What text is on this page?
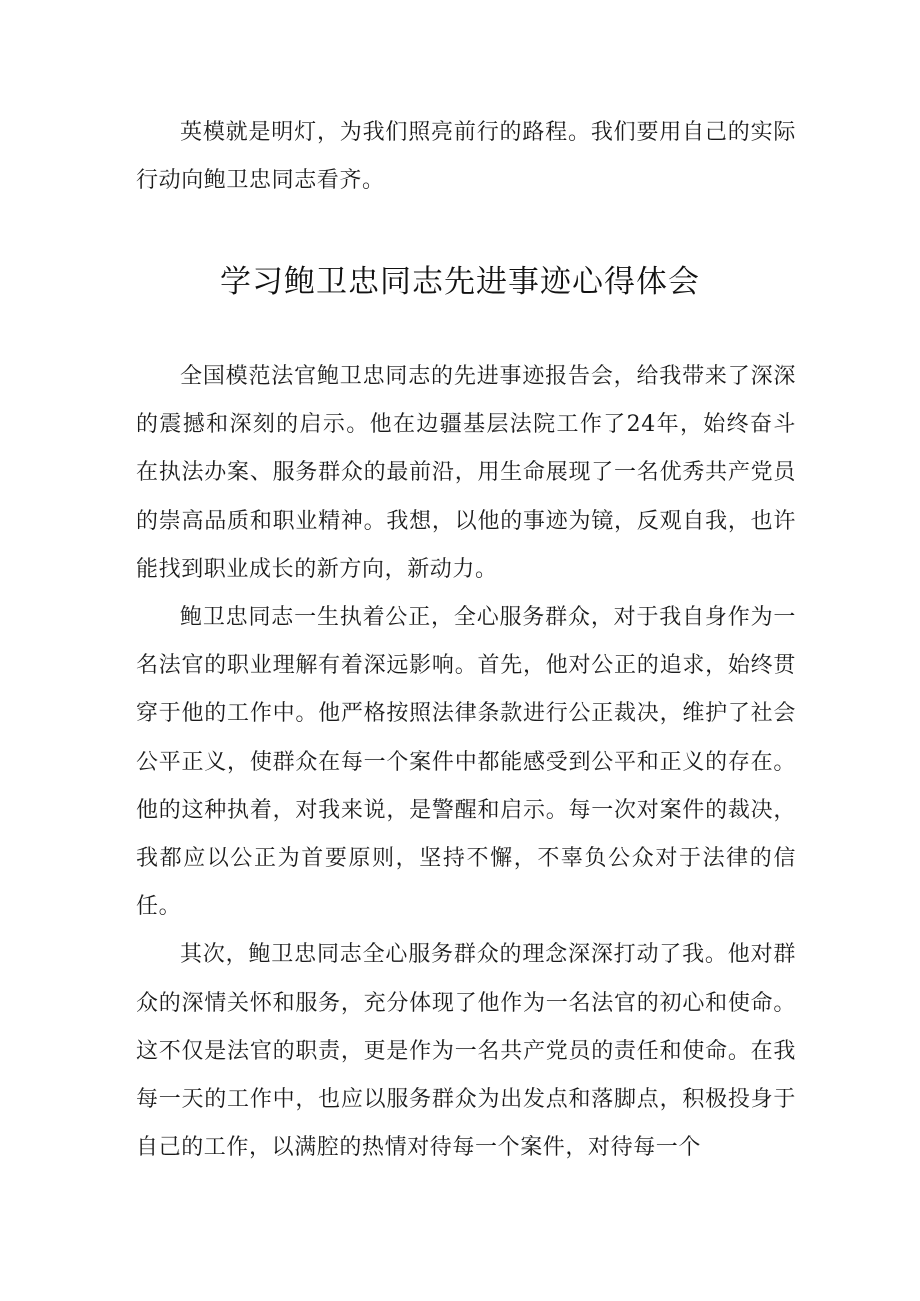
英模就是明灯，为我们照亮前行的路程。我们要用自己的实际行动向鲍卫忠同志看齐。

学习鲍卫忠同志先进事迹心得体会

全国模范法官鲍卫忠同志的先进事迹报告会，给我带来了深深的震撼和深刻的启示。他在边疆基层法院工作了24年，始终奋斗在执法办案、服务群众的最前沿，用生命展现了一名优秀共产党员的崇高品质和职业精神。我想，以他的事迹为镜，反观自我，也许能找到职业成长的新方向，新动力。

鲍卫忠同志一生执着公正，全心服务群众，对于我自身作为一名法官的职业理解有着深远影响。首先，他对公正的追求，始终贯穿于他的工作中。他严格按照法律条款进行公正裁决，维护了社会公平正义，使群众在每一个案件中都能感受到公平和正义的存在。他的这种执着，对我来说，是警醒和启示。每一次对案件的裁决，我都应以公正为首要原则，坚持不懈，不辜负公众对于法律的信任。

其次，鲍卫忠同志全心服务群众的理念深深打动了我。他对群众的深情关怀和服务，充分体现了他作为一名法官的初心和使命。这不仅是法官的职责，更是作为一名共产党员的责任和使命。在我每一天的工作中，也应以服务群众为出发点和落脚点，积极投身于自己的工作，以满腔的热情对待每一个案件，对待每一个
